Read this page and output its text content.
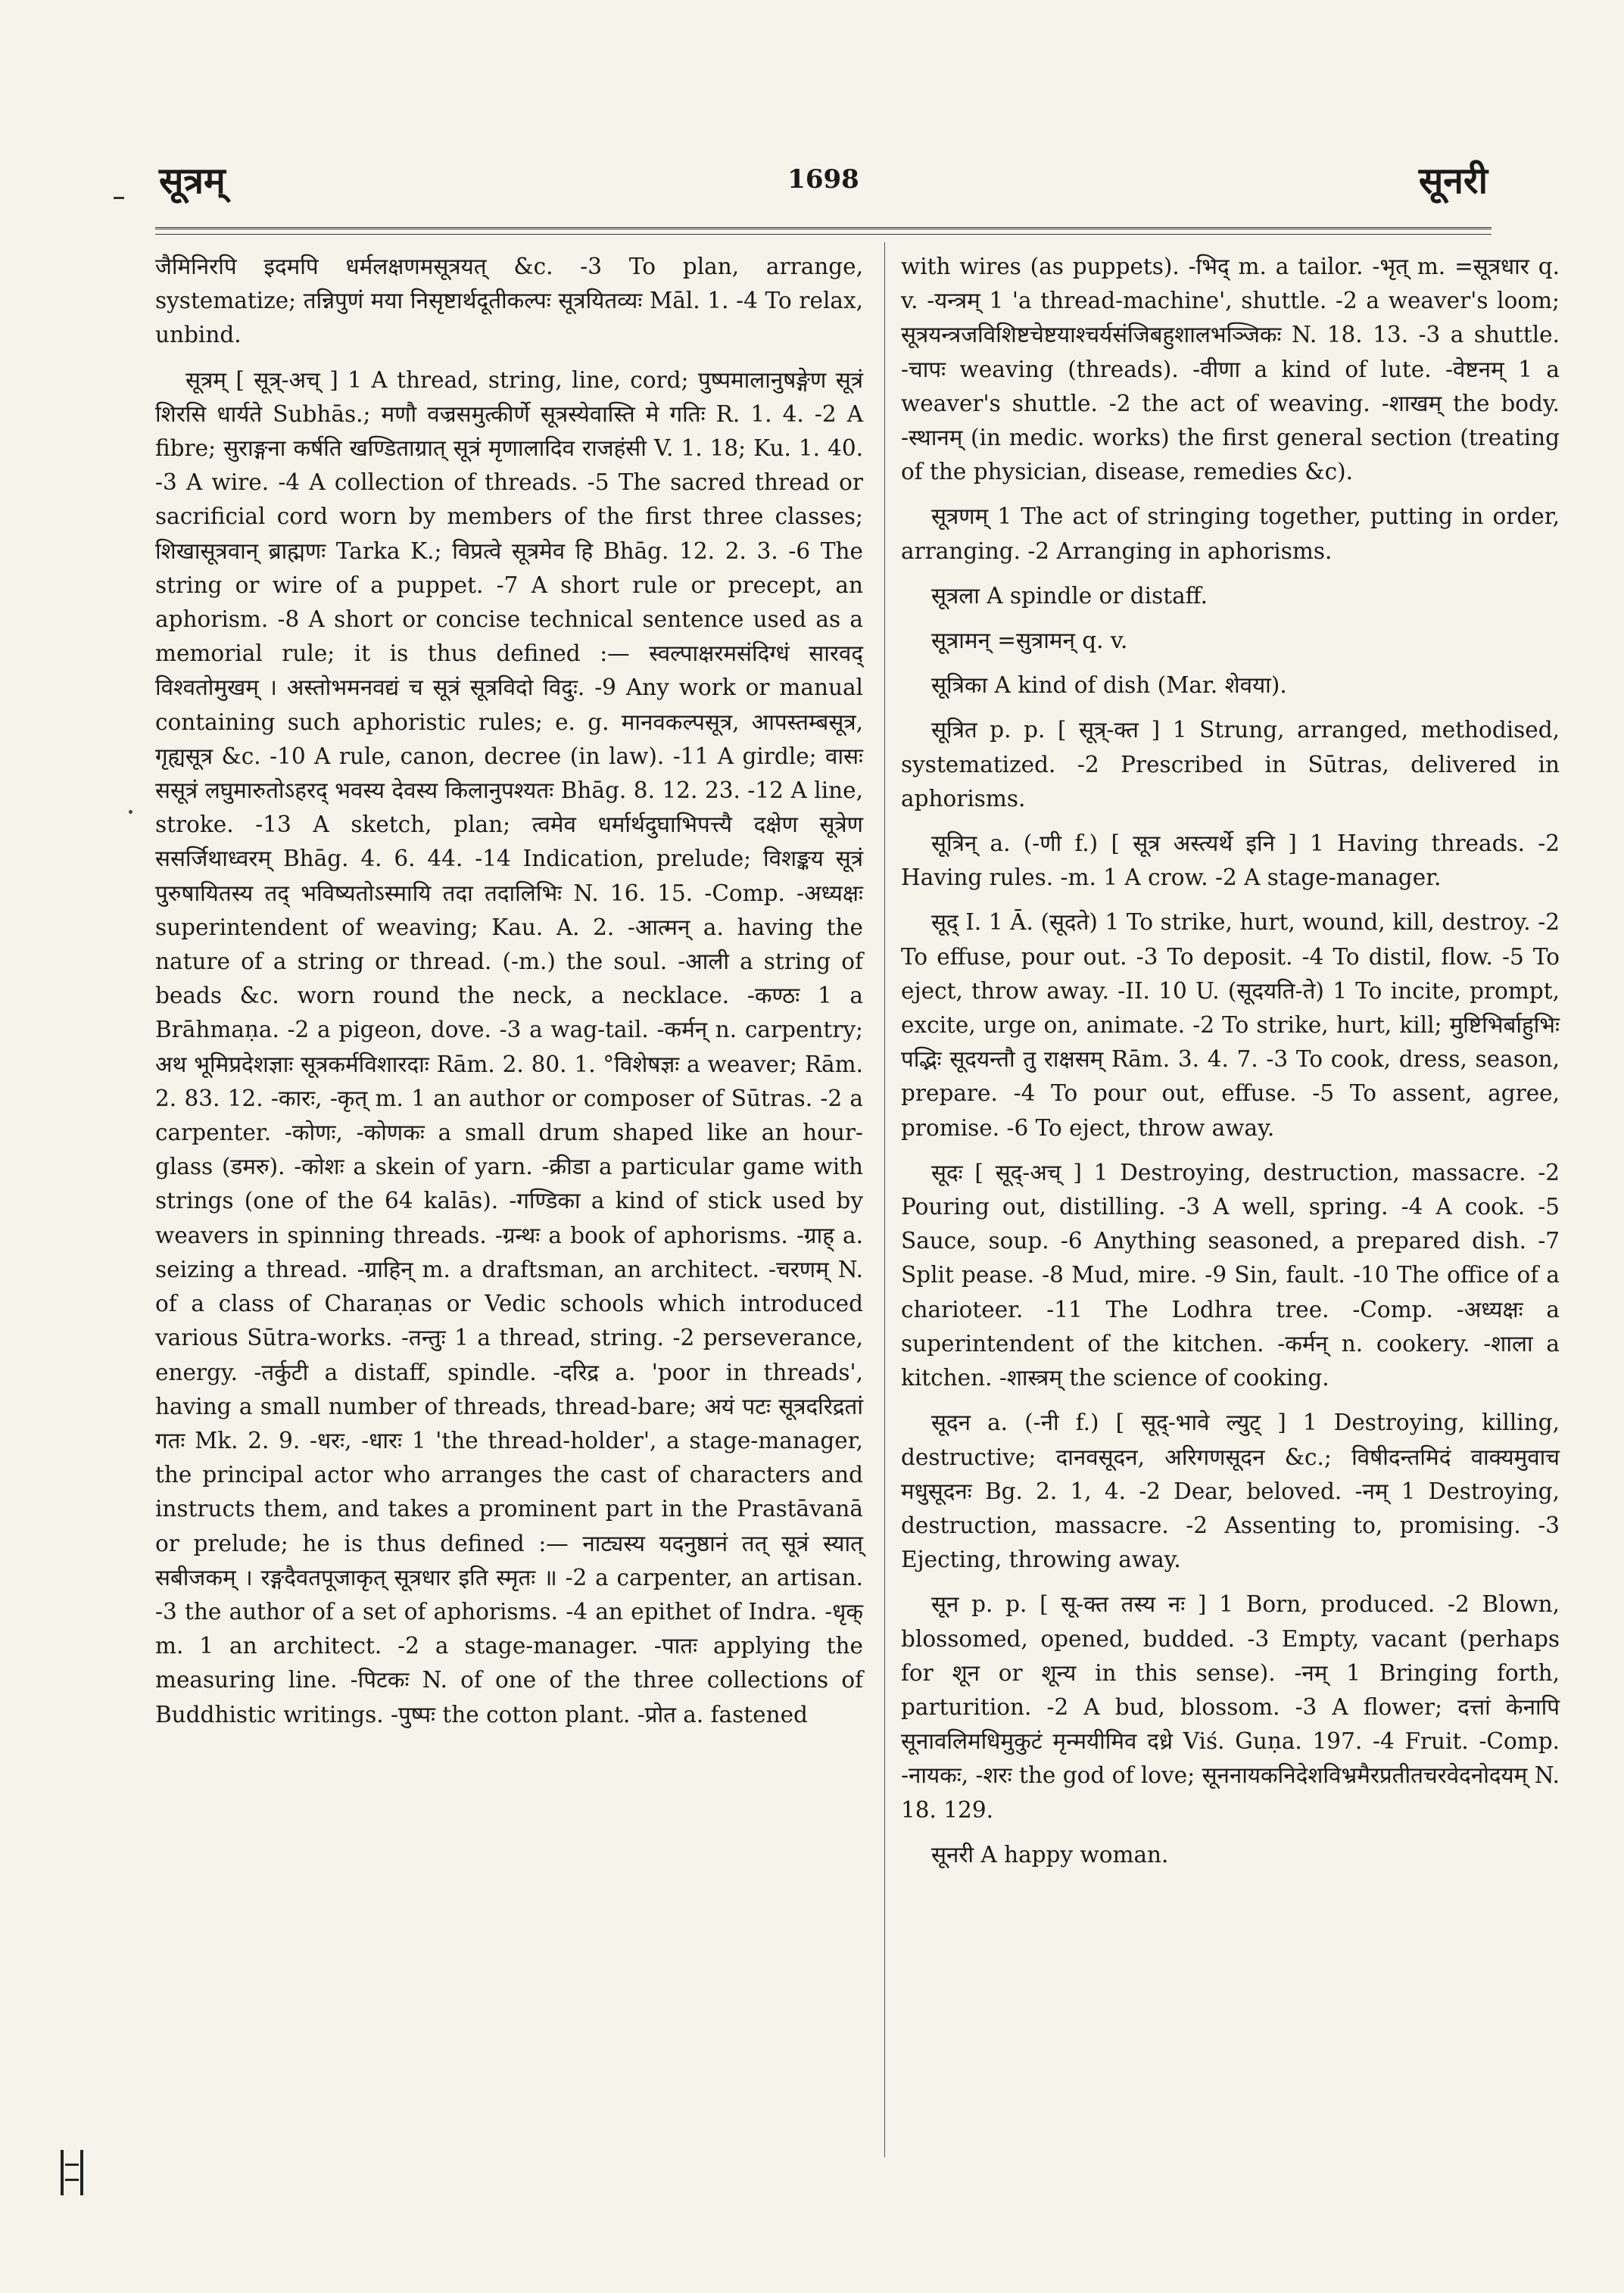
सूत्रम्	1698	सूनरी

जैमिनिरपि इदमपि धर्मलक्षणमसूत्रयत् &c. -3 To plan, arrange, systematize; तन्निपुणं मया निसृष्टार्थदूतीकल्पः सूत्रयितव्यः Māl. 1. -4 To relax, unbind.

सूत्रम् [ सूत्र्-अच् ] 1 A thread, string, line, cord; पुष्पमालानुषङ्गेण सूत्रं शिरसि धार्यते Subhās.; मणौ वज्रसमुत्कीर्णे सूत्रस्येवास्ति मे गतिः R. 1. 4. -2 A fibre; सुराङ्गना कर्षति खण्डिताग्रात् सूत्रं मृणालादिव राजहंसी V. 1. 18; Ku. 1. 40. -3 A wire. -4 A collection of threads. -5 The sacred thread or sacrificial cord worn by members of the first three classes; शिखासूत्रवान् ब्राह्मणः Tarka K.; विप्रत्वे सूत्रमेव हि Bhāg. 12. 2. 3. -6 The string or wire of a puppet. -7 A short rule or precept, an aphorism. -8 A short or concise technical sentence used as a memorial rule; it is thus defined :— स्वल्पाक्षरमसंदिग्धं सारवद् विश्वतोमुखम् । अस्तोभमनवद्यं च सूत्रं सूत्रविदो विदुः. -9 Any work or manual containing such aphoristic rules; e. g. मानवकल्पसूत्र, आपस्तम्बसूत्र, गृह्यसूत्र &c. -10 A rule, canon, decree (in law). -11 A girdle; वासः ससूत्रं लघुमारुतोऽहरद् भवस्य देवस्य किलानुपश्यतः Bhāg. 8. 12. 23. -12 A line, stroke. -13 A sketch, plan; त्वमेव धर्मार्थदुघाभिपत्त्यै दक्षेण सूत्रेण ससर्जिथाध्वरम् Bhāg. 4. 6. 44. -14 Indication, prelude; विशङ्कय सूत्रं पुरुषायितस्य तद् भविष्यतोऽस्मायि तदा तदालिभिः N. 16. 15. -Comp. -अध्यक्षः superintendent of weaving; Kau. A. 2. -आत्मन् a. having the nature of a string or thread. (-m.) the soul. -आली a string of beads &c. worn round the neck, a necklace. -कण्ठः 1 a Brāhmaṇa. -2 a pigeon, dove. -3 a wag-tail. -कर्मन् n. carpentry; अथ भूमिप्रदेशज्ञाः सूत्रकर्मविशारदाः Rām. 2. 80. 1. °विशेषज्ञः a weaver; Rām. 2. 83. 12. -कारः, -कृत् m. 1 an author or composer of Sūtras. -2 a carpenter. -कोणः, -कोणकः a small drum shaped like an hour-glass (डमरु). -कोशः a skein of yarn. -क्रीडा a particular game with strings (one of the 64 kalās). -गण्डिका a kind of stick used by weavers in spinning threads. -ग्रन्थः a book of aphorisms. -ग्राह् a. seizing a thread. -ग्राहिन् m. a draftsman, an architect. -चरणम् N. of a class of Charaṇas or Vedic schools which introduced various Sūtra-works. -तन्तुः 1 a thread, string. -2 perseverance, energy. -तर्कुटी a distaff, spindle. -दरिद्र a. 'poor in threads', having a small number of threads, thread-bare; अयं पटः सूत्रदरिद्रतां गतः Mk. 2. 9. -धरः, -धारः 1 'the thread-holder', a stage-manager, the principal actor who arranges the cast of characters and instructs them, and takes a prominent part in the Prastāvanā or prelude; he is thus defined :— नाट्यस्य यदनुष्ठानं तत् सूत्रं स्यात् सबीजकम् । रङ्गदैवतपूजाकृत् सूत्रधार इति स्मृतः ॥ -2 a carpenter, an artisan. -3 the author of a set of aphorisms. -4 an epithet of Indra. -धृक् m. 1 an architect. -2 a stage-manager. -पातः applying the measuring line. -पिटकः N. of one of the three collections of Buddhistic writings. -पुष्पः the cotton plant. -प्रोत a. fastened

with wires (as puppets). -भिद् m. a tailor. -भृत् m. =सूत्रधार q. v. -यन्त्रम् 1 'a thread-machine', shuttle. -2 a weaver's loom; सूत्रयन्त्रजविशिष्टचेष्टयाश्चर्यसंजिबहुशालभञ्जिकः N. 18. 13. -3 a shuttle. -चापः weaving (threads). -वीणा a kind of lute. -वेष्टनम् 1 a weaver's shuttle. -2 the act of weaving. -शाखम् the body. -स्थानम् (in medic. works) the first general section (treating of the physician, disease, remedies &c).

सूत्रणम् 1 The act of stringing together, putting in order, arranging. -2 Arranging in aphorisms.

सूत्रला A spindle or distaff.

सूत्रामन् =सुत्रामन् q. v.

सूत्रिका A kind of dish (Mar. शेवया).

सूत्रित p. p. [ सूत्र्-क्त ] 1 Strung, arranged, methodised, systematized. -2 Prescribed in Sūtras, delivered in aphorisms.

सूत्रिन् a. (-णी f.) [ सूत्र अस्त्यर्थे इनि ] 1 Having threads. -2 Having rules. -m. 1 A crow. -2 A stage-manager.

सूद् I. 1 Ā. (सूदते) 1 To strike, hurt, wound, kill, destroy. -2 To effuse, pour out. -3 To deposit. -4 To distil, flow. -5 To eject, throw away. -II. 10 U. (सूदयति-ते) 1 To incite, prompt, excite, urge on, animate. -2 To strike, hurt, kill; मुष्टिभिर्बाहुभिः पद्भिः सूदयन्तौ तु राक्षसम् Rām. 3. 4. 7. -3 To cook, dress, season, prepare. -4 To pour out, effuse. -5 To assent, agree, promise. -6 To eject, throw away.

सूदः [ सूद्-अच् ] 1 Destroying, destruction, massacre. -2 Pouring out, distilling. -3 A well, spring. -4 A cook. -5 Sauce, soup. -6 Anything seasoned, a prepared dish. -7 Split pease. -8 Mud, mire. -9 Sin, fault. -10 The office of a charioteer. -11 The Lodhra tree. -Comp. -अध्यक्षः a superintendent of the kitchen. -कर्मन् n. cookery. -शाला a kitchen. -शास्त्रम् the science of cooking.

सूदन a. (-नी f.) [ सूद्-भावे ल्युट् ] 1 Destroying, killing, destructive; दानवसूदन, अरिगणसूदन &c.; विषीदन्तमिदं वाक्यमुवाच मधुसूदनः Bg. 2. 1, 4. -2 Dear, beloved. -नम् 1 Destroying, destruction, massacre. -2 Assenting to, promising. -3 Ejecting, throwing away.

सून p. p. [ सू-क्त तस्य नः ] 1 Born, produced. -2 Blown, blossomed, opened, budded. -3 Empty, vacant (perhaps for शून or शून्य in this sense). -नम् 1 Bringing forth, parturition. -2 A bud, blossom. -3 A flower; दत्तां केनापि सूनावलिमधिमुकुटं मृन्मयीमिव दध्रे Viś. Guṇa. 197. -4 Fruit. -Comp. -नायकः, -शरः the god of love; सूननायकनिदेशविभ्रमैरप्रतीतचरवेदनोदयम् N. 18. 129.

सूनरी A happy woman.
